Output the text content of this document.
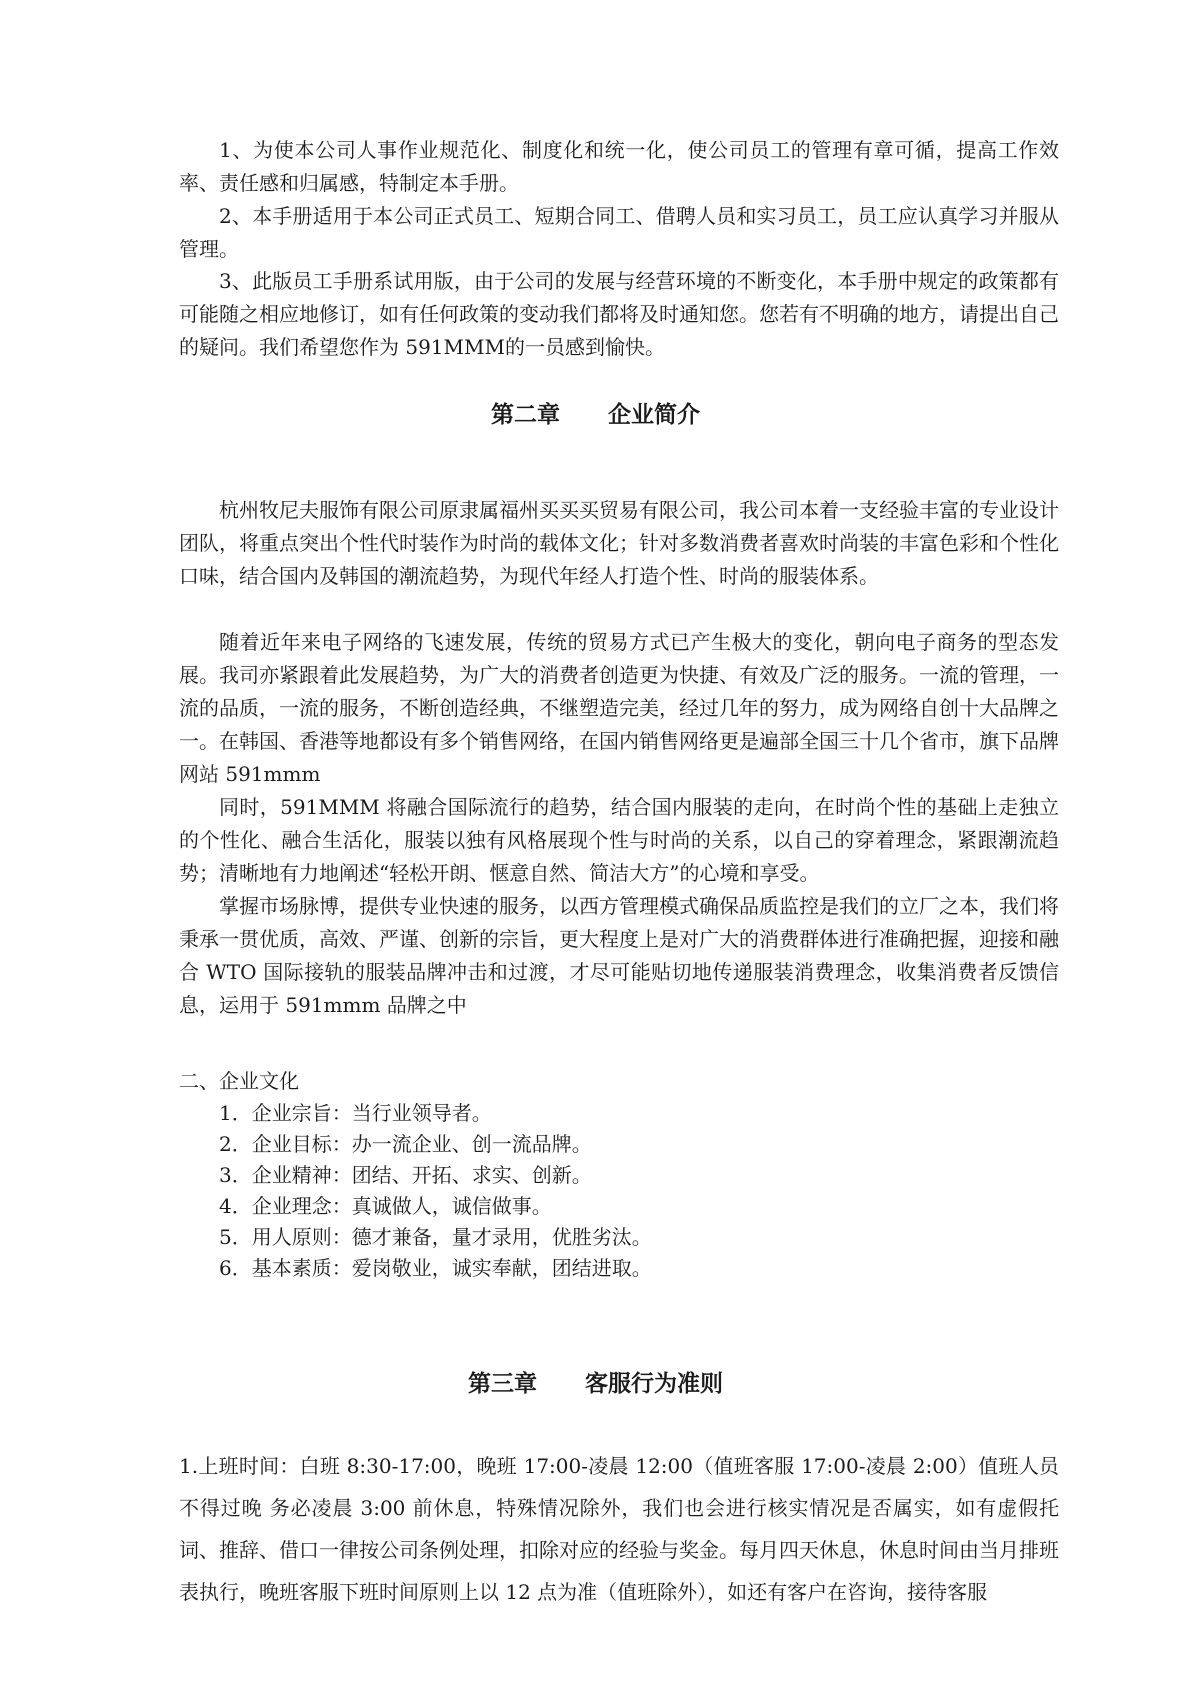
1、为使本公司人事作业规范化、制度化和统一化，使公司员工的管理有章可循，提高工作效率、责任感和归属感，特制定本手册。

2、本手册适用于本公司正式员工、短期合同工、借聘人员和实习员工，员工应认真学习并服从管理。

3、此版员工手册系试用版，由于公司的发展与经营环境的不断变化，本手册中规定的政策都有可能随之相应地修订，如有任何政策的变动我们都将及时通知您。您若有不明确的地方，请提出自己的疑问。我们希望您作为 591MMM的一员感到愉快。

第二章      企业简介

杭州牧尼夫服饰有限公司原隶属福州买买买贸易有限公司，我公司本着一支经验丰富的专业设计团队，将重点突出个性代时装作为时尚的载体文化；针对多数消费者喜欢时尚装的丰富色彩和个性化口味，结合国内及韩国的潮流趋势，为现代年经人打造个性、时尚的服装体系。

随着近年来电子网络的飞速发展，传统的贸易方式已产生极大的变化，朝向电子商务的型态发展。我司亦紧跟着此发展趋势，为广大的消费者创造更为快捷、有效及广泛的服务。一流的管理，一流的品质，一流的服务，不断创造经典，不继塑造完美，经过几年的努力，成为网络自创十大品牌之一。在韩国、香港等地都设有多个销售网络，在国内销售网络更是遍部全国三十几个省市，旗下品牌网站 591mmm

同时，591MMM 将融合国际流行的趋势，结合国内服装的走向，在时尚个性的基础上走独立的个性化、融合生活化，服装以独有风格展现个性与时尚的关系，以自己的穿着理念，紧跟潮流趋势；清晰地有力地阐述“轻松开朗、惬意自然、简洁大方”的心境和享受。

掌握市场脉博，提供专业快速的服务，以西方管理模式确保品质监控是我们的立厂之本，我们将秉承一贯优质，高效、严谨、创新的宗旨，更大程度上是对广大的消费群体进行准确把握，迎接和融合 WTO 国际接轨的服装品牌冲击和过渡，才尽可能贴切地传递服装消费理念，收集消费者反馈信息，运用于 591mmm 品牌之中

二、企业文化

1．企业宗旨：当行业领导者。
2．企业目标：办一流企业、创一流品牌。
3．企业精神：团结、开拓、求实、创新。
4．企业理念：真诚做人，诚信做事。
5．用人原则：德才兼备，量才录用，优胜劣汰。
6．基本素质：爱岗敬业，诚实奉献，团结进取。
第三章      客服行为准则

1.上班时间：白班 8:30-17:00，晚班 17:00-凌晨 12:00（值班客服 17:00-凌晨 2:00）值班人员不得过晚 务必凌晨 3:00 前休息，特殊情况除外，我们也会进行核实情况是否属实，如有虚假托词、推辞、借口一律按公司条例处理，扣除对应的经验与奖金。每月四天休息，休息时间由当月排班表执行，晚班客服下班时间原则上以 12 点为准（值班除外），如还有客户在咨询，接待客服
